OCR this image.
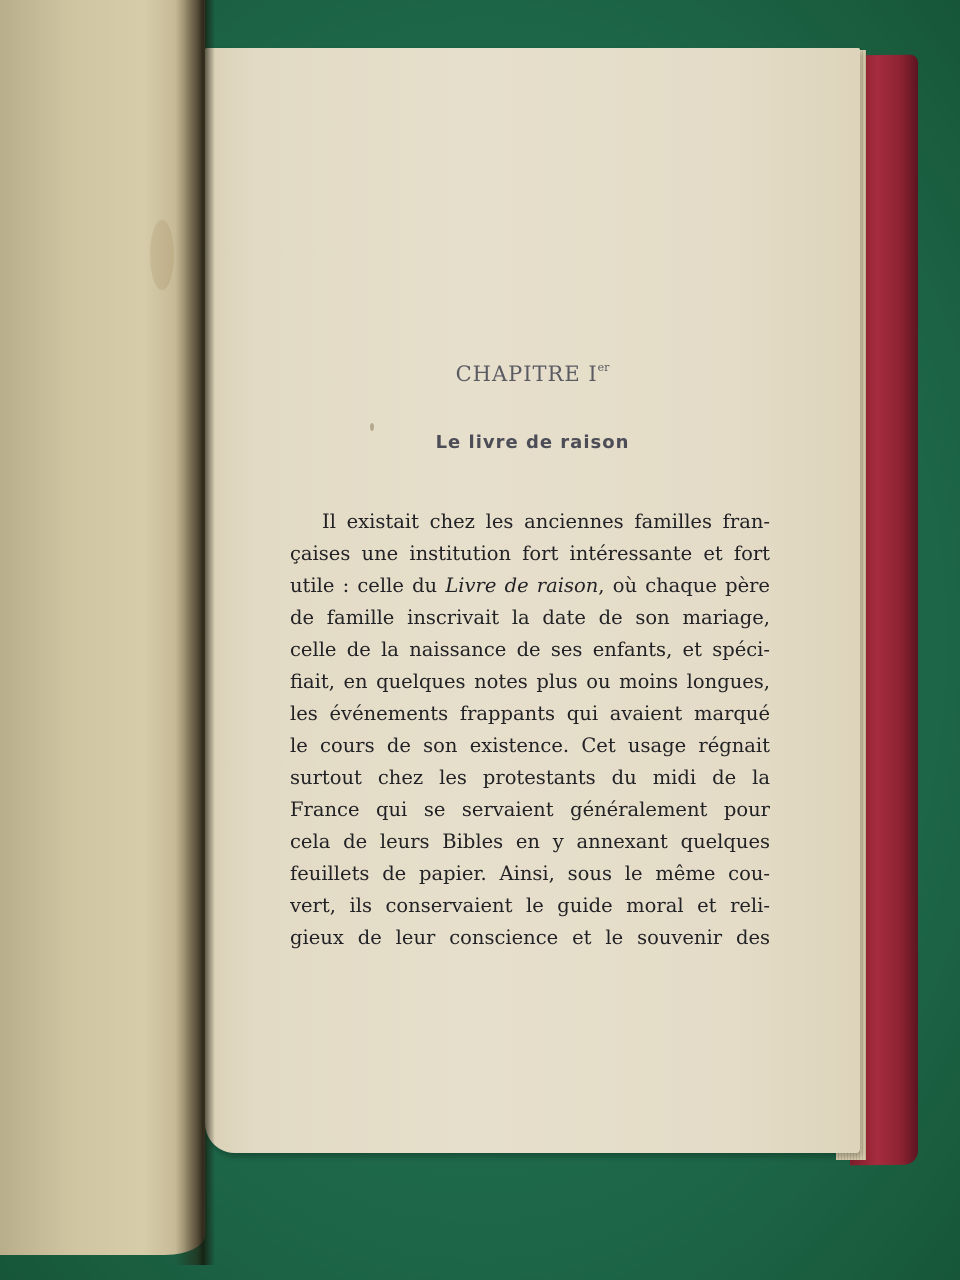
CHAPITRE Ier
Le livre de raison
Il existait chez les anciennes familles fran-
çaises une institution fort intéressante et fort
utile : celle du Livre de raison, où chaque père
de famille inscrivait la date de son mariage,
celle de la naissance de ses enfants, et spéci-
fiait, en quelques notes plus ou moins longues,
les événements frappants qui avaient marqué
le cours de son existence. Cet usage régnait
surtout chez les protestants du midi de la
France qui se servaient généralement pour
cela de leurs Bibles en y annexant quelques
feuillets de papier. Ainsi, sous le même cou-
vert, ils conservaient le guide moral et reli-
gieux de leur conscience et le souvenir des
